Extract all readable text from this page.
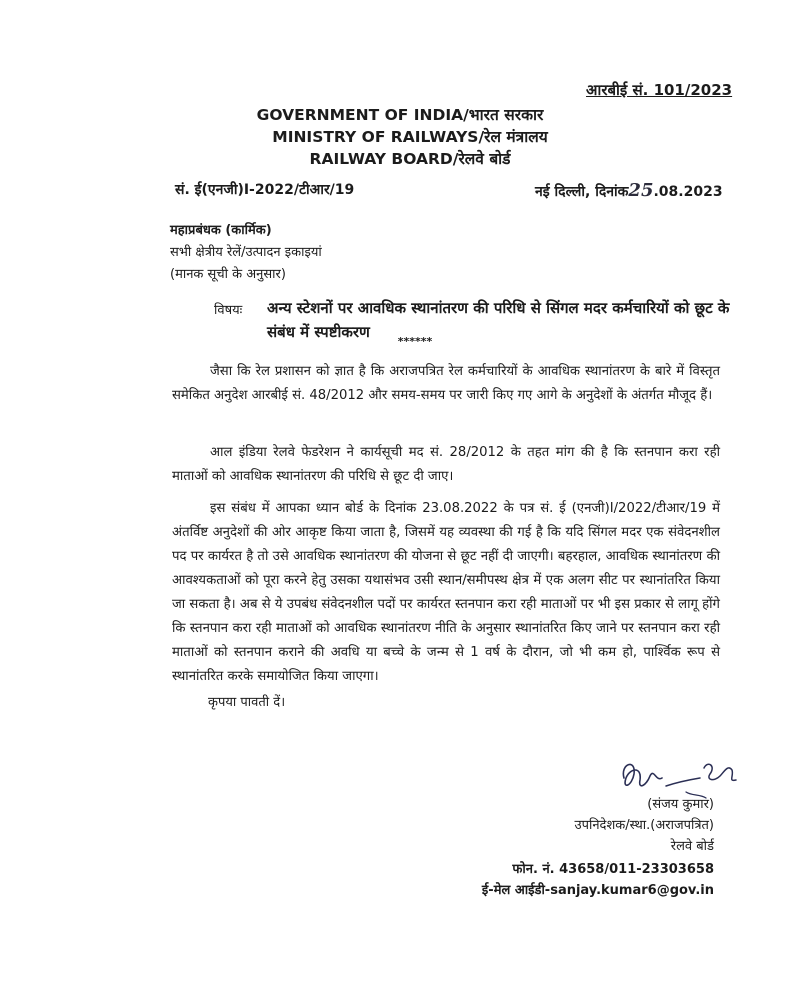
आरबीई सं. 101/2023
GOVERNMENT OF INDIA/भारत सरकार
MINISTRY OF RAILWAYS/रेल मंत्रालय
RAILWAY BOARD/रेलवे बोर्ड
सं. ई(एनजी)I-2022/टीआर/19	नई दिल्ली, दिनांक25.08.2023
महाप्रबंधक (कार्मिक)
सभी क्षेत्रीय रेलें/उत्पादन इकाइयां
(मानक सूची के अनुसार)
विषयः अन्य स्टेशनों पर आवधिक स्थानांतरण की परिधि से सिंगल मदर कर्मचारियों को छूट के संबंध में स्पष्टीकरण
******
जैसा कि रेल प्रशासन को ज्ञात है कि अराजपत्रित रेल कर्मचारियों के आवधिक स्थानांतरण के बारे में विस्तृत समेकित अनुदेश आरबीई सं. 48/2012 और समय-समय पर जारी किए गए आगे के अनुदेशों के अंतर्गत मौजूद हैं।
आल इंडिया रेलवे फेडरेशन ने कार्यसूची मद सं. 28/2012 के तहत मांग की है कि स्तनपान करा रही माताओं को आवधिक स्थानांतरण की परिधि से छूट दी जाए।
इस संबंध में आपका ध्यान बोर्ड के दिनांक 23.08.2022 के पत्र सं. ई (एनजी)I/2022/टीआर/19 में अंतर्विष्ट अनुदेशों की ओर आकृष्ट किया जाता है, जिसमें यह व्यवस्था की गई है कि यदि सिंगल मदर एक संवेदनशील पद पर कार्यरत है तो उसे आवधिक स्थानांतरण की योजना से छूट नहीं दी जाएगी। बहरहाल, आवधिक स्थानांतरण की आवश्यकताओं को पूरा करने हेतु उसका यथासंभव उसी स्थान/समीपस्थ क्षेत्र में एक अलग सीट पर स्थानांतरित किया जा सकता है। अब से ये उपबंध संवेदनशील पदों पर कार्यरत स्तनपान करा रही माताओं पर भी इस प्रकार से लागू होंगे कि स्तनपान करा रही माताओं को आवधिक स्थानांतरण नीति के अनुसार स्थानांतरित किए जाने पर स्तनपान करा रही माताओं को स्तनपान कराने की अवधि या बच्चे के जन्म से 1 वर्ष के दौरान, जो भी कम हो, पार्श्विक रूप से स्थानांतरित करके समायोजित किया जाएगा।
कृपया पावती दें।
(संजय कुमार)
उपनिदेशक/स्था.(अराजपत्रित)
रेलवे बोर्ड
फोन. नं. 43658/011-23303658
ई-मेल आईडी-sanjay.kumar6@gov.in
